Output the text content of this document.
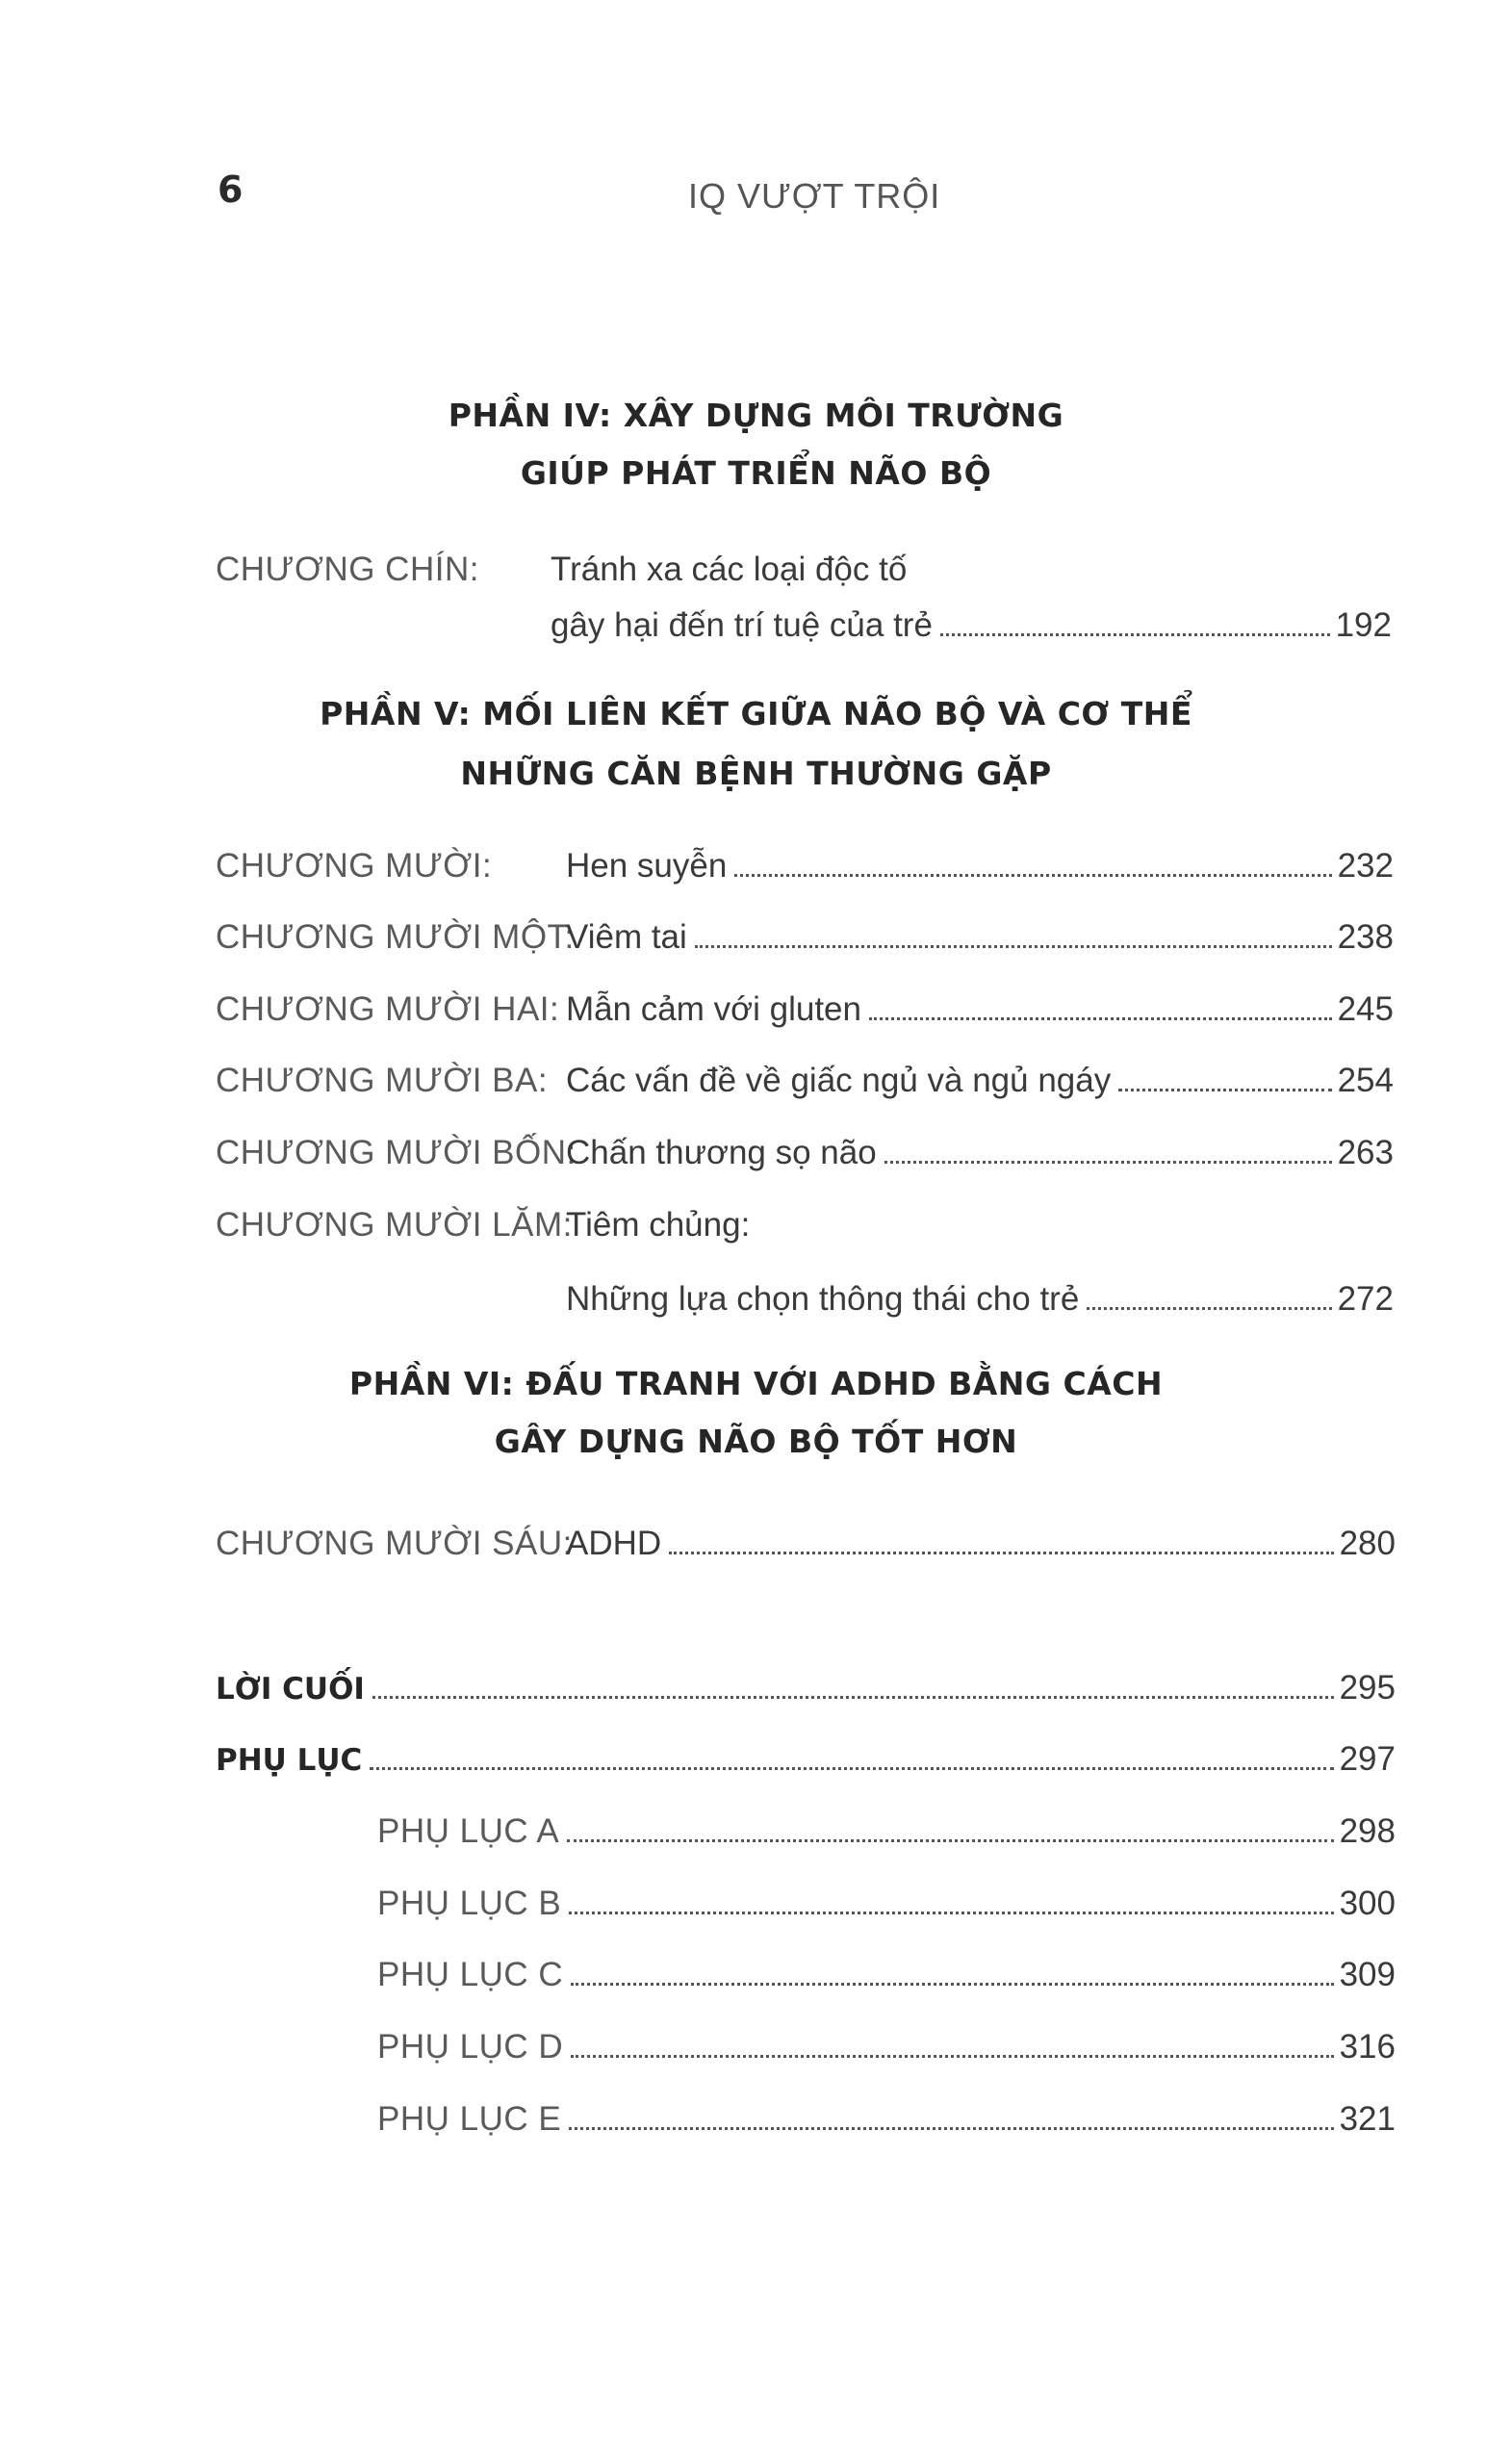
6	IQ VƯỢT TRỘI
PHẦN IV: XÂY DỰNG MÔI TRƯỜNG
GIÚP PHÁT TRIỂN NÃO BỘ
CHƯƠNG CHÍN: Tránh xa các loại độc tố
gây hại đến trí tuệ của trẻ	192
PHẦN V: MỐI LIÊN KẾT GIỮA NÃO BỘ VÀ CƠ THỂ
NHỮNG CĂN BỆNH THƯỜNG GẶP
CHƯƠNG MƯỜI: Hen suyễn	232
CHƯƠNG MƯỜI MỘT:
Viêm tai	238
CHƯƠNG MƯỜI HAI: Mẫn cảm với gluten	245
CHƯƠNG MƯỜI BA: Các vấn đề về giấc ngủ và ngủ ngáy	254
CHƯƠNG MƯỜI BỐN:
Chấn thương sọ não	263
CHƯƠNG MƯỜI LĂM:
Tiêm chủng:
Những lựa chọn thông thái cho trẻ	272
PHẦN VI: ĐẤU TRANH VỚI ADHD BẰNG CÁCH
GÂY DỰNG NÃO BỘ TỐT HƠN
CHƯƠNG MƯỜI SÁU:
ADHD	280
LỜI CUỐI	295
PHỤ LỤC	297
PHỤ LỤC A	298
PHỤ LỤC B	300
PHỤ LỤC C	309
PHỤ LỤC D	316
PHỤ LỤC E	321
